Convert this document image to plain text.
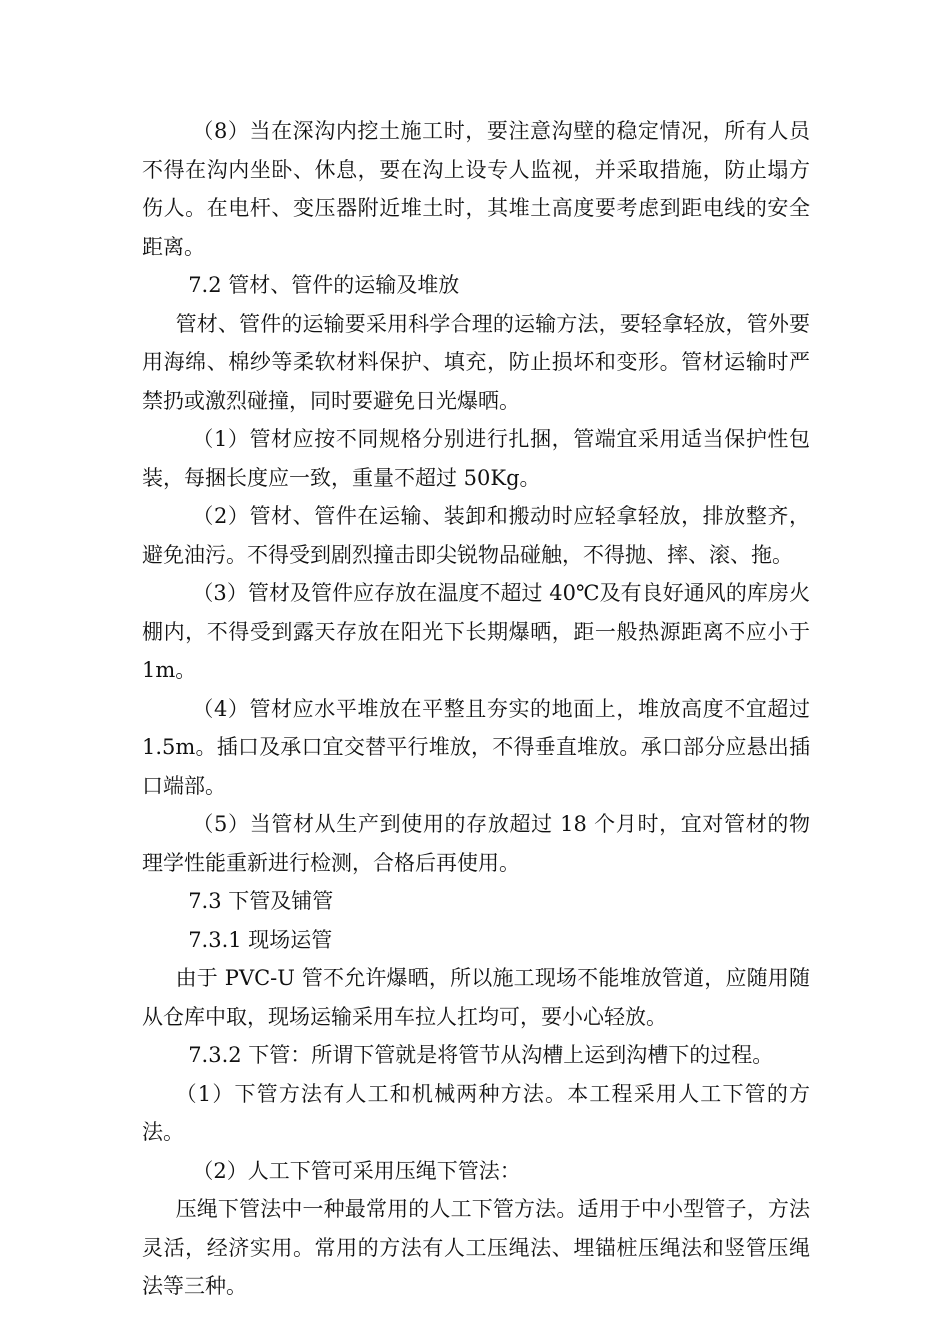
（8）当在深沟内挖土施工时，要注意沟壁的稳定情况，所有人员不得在沟内坐卧、休息，要在沟上设专人监视，并采取措施，防止塌方伤人。在电杆、变压器附近堆土时，其堆土高度要考虑到距电线的安全距离。

7.2 管材、管件的运输及堆放

管材、管件的运输要采用科学合理的运输方法，要轻拿轻放，管外要用海绵、棉纱等柔软材料保护、填充，防止损坏和变形。管材运输时严禁扔或激烈碰撞，同时要避免日光爆晒。

（1）管材应按不同规格分别进行扎捆，管端宜采用适当保护性包装，每捆长度应一致，重量不超过 50Kg。

（2）管材、管件在运输、装卸和搬动时应轻拿轻放，排放整齐，避免油污。不得受到剧烈撞击即尖锐物品碰触，不得抛、摔、滚、拖。

（3）管材及管件应存放在温度不超过 40℃及有良好通风的库房火棚内，不得受到露天存放在阳光下长期爆晒，距一般热源距离不应小于 1m。

（4）管材应水平堆放在平整且夯实的地面上，堆放高度不宜超过 1.5m。插口及承口宜交替平行堆放，不得垂直堆放。承口部分应悬出插口端部。

（5）当管材从生产到使用的存放超过 18 个月时，宜对管材的物理学性能重新进行检测，合格后再使用。

7.3 下管及铺管

7.3.1 现场运管

由于 PVC-U 管不允许爆晒，所以施工现场不能堆放管道，应随用随从仓库中取，现场运输采用车拉人扛均可，要小心轻放。

7.3.2 下管：所谓下管就是将管节从沟槽上运到沟槽下的过程。

（1）下管方法有人工和机械两种方法。本工程采用人工下管的方法。

（2）人工下管可采用压绳下管法：

压绳下管法中一种最常用的人工下管方法。适用于中小型管子，方法灵活，经济实用。常用的方法有人工压绳法、埋锚桩压绳法和竖管压绳法等三种。
